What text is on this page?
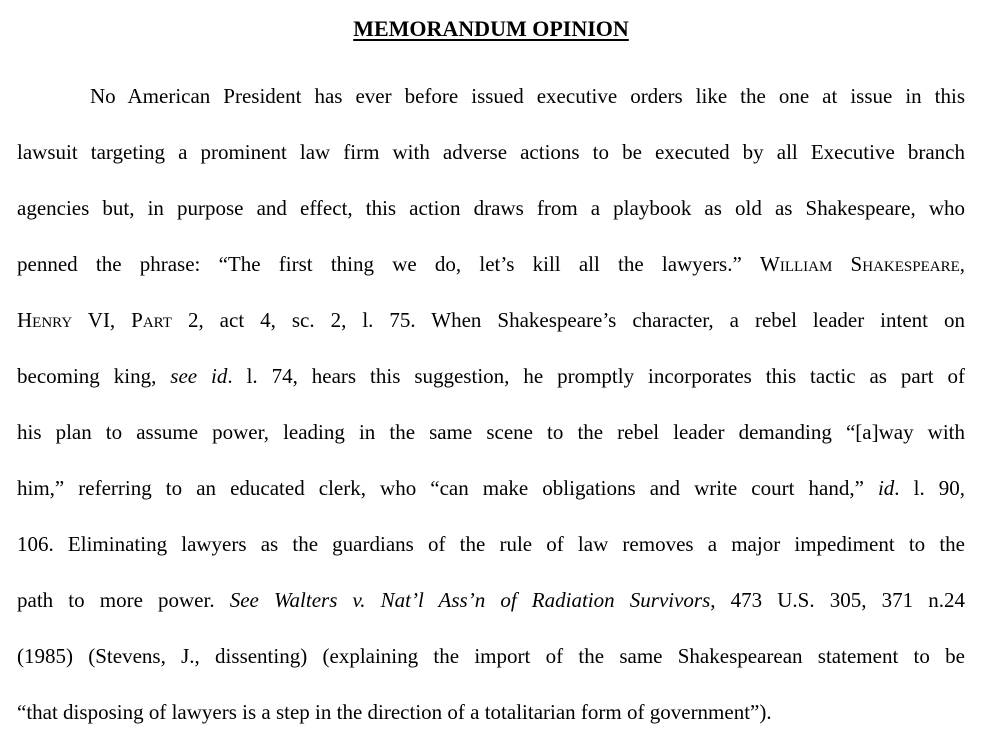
MEMORANDUM OPINION
No American President has ever before issued executive orders like the one at issue in this
lawsuit targeting a prominent law firm with adverse actions to be executed by all Executive branch
agencies but, in purpose and effect, this action draws from a playbook as old as Shakespeare, who
penned the phrase: “The first thing we do, let’s kill all the lawyers.” William Shakespeare,
Henry VI, Part 2, act 4, sc. 2, l. 75. When Shakespeare’s character, a rebel leader intent on
becoming king, see id. l. 74, hears this suggestion, he promptly incorporates this tactic as part of
his plan to assume power, leading in the same scene to the rebel leader demanding “[a]way with
him,” referring to an educated clerk, who “can make obligations and write court hand,” id. l. 90,
106. Eliminating lawyers as the guardians of the rule of law removes a major impediment to the
path to more power. See Walters v. Nat’l Ass’n of Radiation Survivors, 473 U.S. 305, 371 n.24
(1985) (Stevens, J., dissenting) (explaining the import of the same Shakespearean statement to be
“that disposing of lawyers is a step in the direction of a totalitarian form of government”).
